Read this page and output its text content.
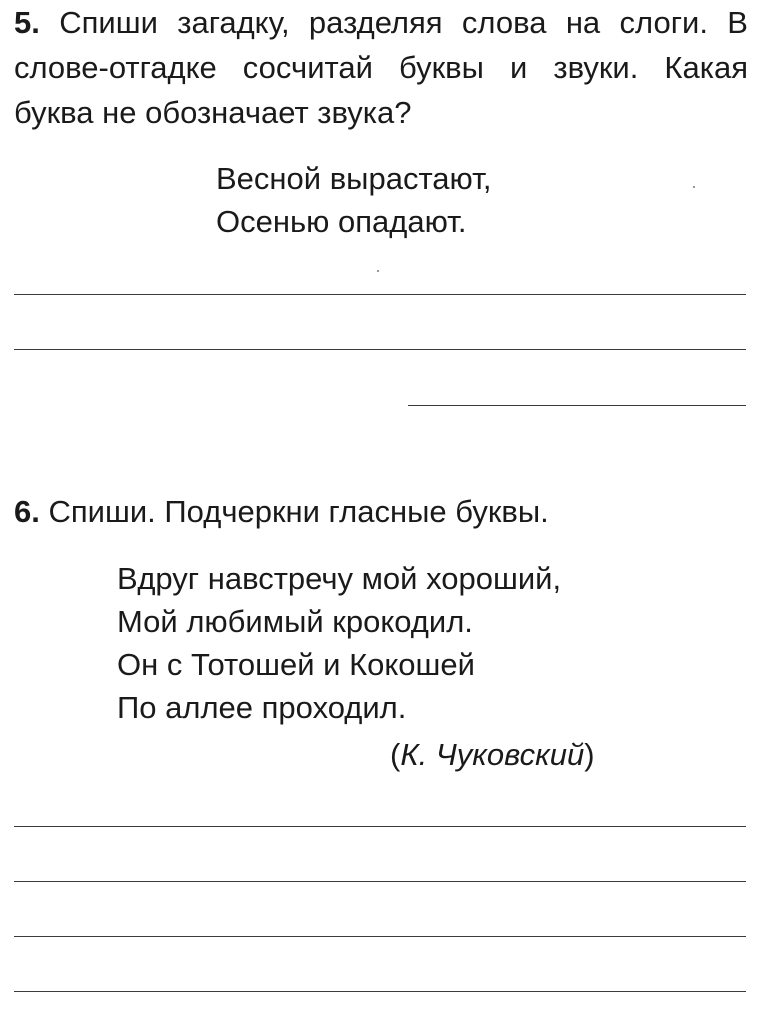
5. Спиши загадку, разделяя слова на слоги. В слове-отгадке сосчитай буквы и звуки. Какая буква не обозначает звука?
Весной вырастают,
Осенью опадают.
6. Спиши. Подчеркни гласные буквы.
Вдруг навстречу мой хороший,
Мой любимый крокодил.
Он с Тотошей и Кокошей
По аллее проходил.
(К. Чуковский)
